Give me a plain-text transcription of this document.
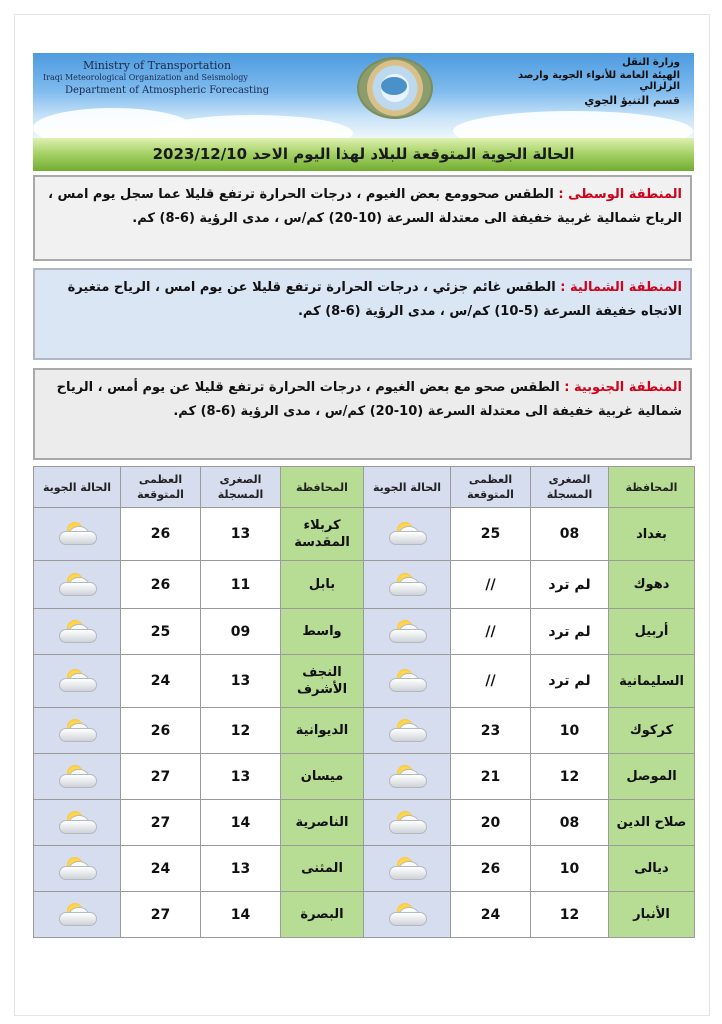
Ministry of Transportation
Iraqi Meteorological Organization and Seismology
Department of Atmospheric Forecasting
وزارة النقل
الهيئة العامة للأنواء الجوية وارصد الزلزالي
قسم التنبؤ الجوي
الحالة الجوية المتوقعة للبلاد لهذا اليوم الاحد 2023/12/10
المنطقة الوسطى : الطقس صحوومع بعض الغيوم ، درجات الحرارة ترتفع قليلا عما سجل يوم امس ، الرياح شمالية غربية خفيفة الى معتدلة السرعة (10-20) كم/س ، مدى الرؤية (6-8) كم.
المنطقة الشمالية : الطقس غائم جزئي ، درجات الحرارة ترتفع قليلا عن يوم امس ، الرياح متغيرة الاتجاه خفيفة السرعة (5-10) كم/س ، مدى الرؤية (6-8) كم.
المنطقة الجنوبية : الطقس صحو مع بعض الغيوم ، درجات الحرارة ترتفع قليلا عن يوم أمس ، الرياح شمالية غربية خفيفة الى معتدلة السرعة (10-20) كم/س ، مدى الرؤية (6-8) كم.
المحافظة	الصغرى المسجلة	العظمى المتوقعة	الحالة الجوية	المحافظة	الصغرى المسجلة	العظمى المتوقعة	الحالة الجوية
بغداد	08	25		كربلاء المقدسة	13	26	

دهوك	لم ترد	//		بابل	11	26	

أربيل	لم ترد	//		واسط	09	25	

السليمانية	لم ترد	//		النجف الأشرف	13	24	

كركوك	10	23		الديوانية	12	26	

الموصل	12	21		ميسان	13	27	

صلاح الدين	08	20		الناصرية	14	27	

ديالى	10	26		المثنى	13	24	

الأنبار	12	24		البصرة	14	27	
